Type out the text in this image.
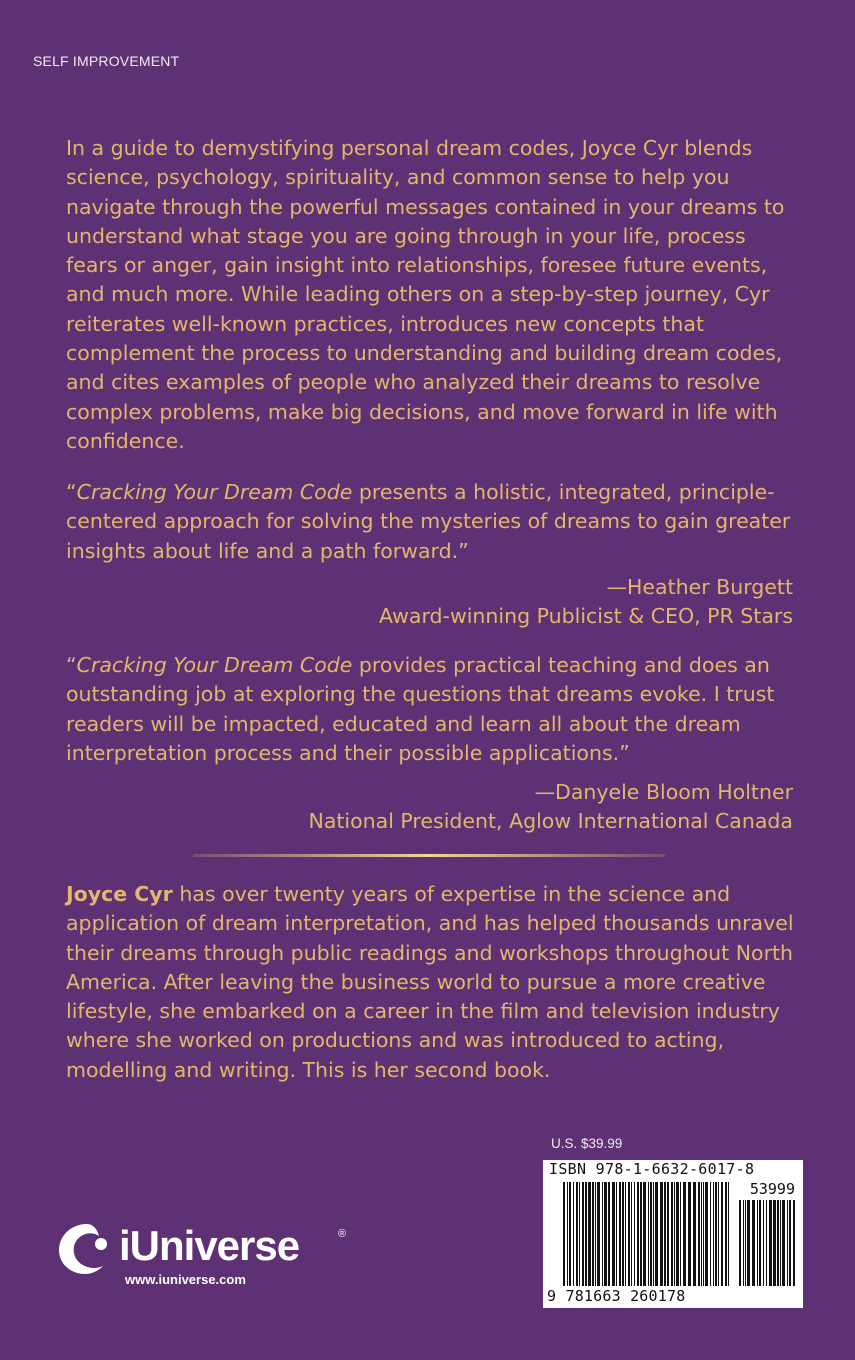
SELF IMPROVEMENT
In a guide to demystifying personal dream codes, Joyce Cyr blends science, psychology, spirituality, and common sense to help you navigate through the powerful messages contained in your dreams to understand what stage you are going through in your life, process fears or anger, gain insight into relationships, foresee future events, and much more. While leading others on a step-by-step journey, Cyr reiterates well-known practices, introduces new concepts that complement the process to understanding and building dream codes, and cites examples of people who analyzed their dreams to resolve complex problems, make big decisions, and move forward in life with confidence.
“Cracking Your Dream Code presents a holistic, integrated, principle-centered approach for solving the mysteries of dreams to gain greater insights about life and a path forward.”
—Heather Burgett
Award-winning Publicist & CEO, PR Stars
“Cracking Your Dream Code provides practical teaching and does an outstanding job at exploring the questions that dreams evoke. I trust readers will be impacted, educated and learn all about the dream interpretation process and their possible applications.”
—Danyele Bloom Holtner
National President, Aglow International Canada
Joyce Cyr has over twenty years of expertise in the science and application of dream interpretation, and has helped thousands unravel their dreams through public readings and workshops throughout North America. After leaving the business world to pursue a more creative lifestyle, she embarked on a career in the film and television industry where she worked on productions and was introduced to acting, modelling and writing. This is her second book.
U.S. $39.99
ISBN 978-1-6632-6017-8
53999
9 781663 260178
iUniverse	®
www.iuniverse.com
